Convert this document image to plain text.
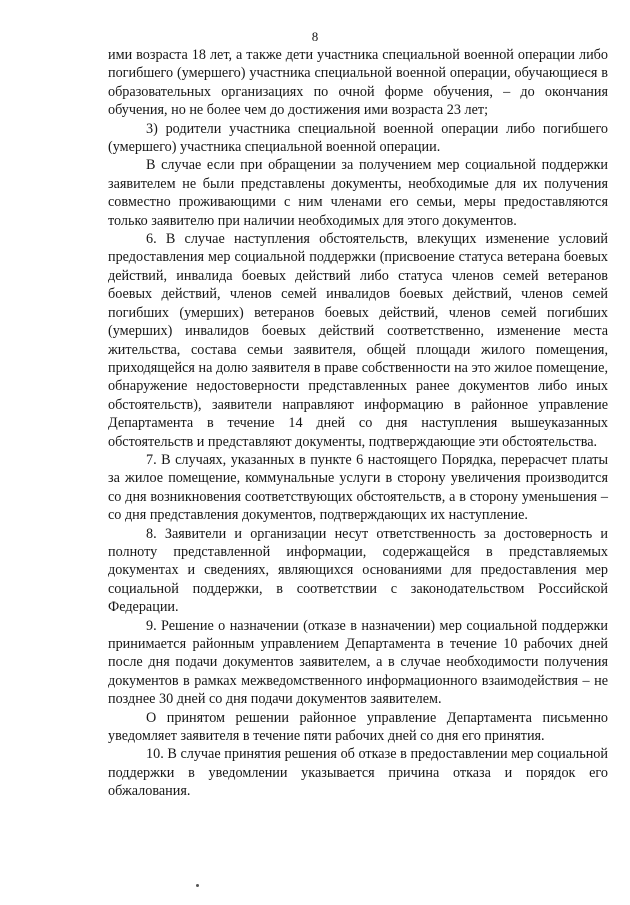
8

ими возраста 18 лет, а также дети участника специальной военной операции либо погибшего (умершего) участника специальной военной операции, обучающиеся в образовательных организациях по очной форме обучения, – до окончания обучения, но не более чем до достижения ими возраста 23 лет;

3) родители участника специальной военной операции либо погибшего (умершего) участника специальной военной операции.

В случае если при обращении за получением мер социальной поддержки заявителем не были представлены документы, необходимые для их получения совместно проживающими с ним членами его семьи, меры предоставляются только заявителю при наличии необходимых для этого документов.

6. В случае наступления обстоятельств, влекущих изменение условий предоставления мер социальной поддержки (присвоение статуса ветерана боевых действий, инвалида боевых действий либо статуса членов семей ветеранов боевых действий, членов семей инвалидов боевых действий, членов семей погибших (умерших) ветеранов боевых действий, членов семей погибших (умерших) инвалидов боевых действий соответственно, изменение места жительства, состава семьи заявителя, общей площади жилого помещения, приходящейся на долю заявителя в праве собственности на это жилое помещение, обнаружение недостоверности представленных ранее документов либо иных обстоятельств), заявители направляют информацию в районное управление Департамента в течение 14 дней со дня наступления вышеуказанных обстоятельств и представляют документы, подтверждающие эти обстоятельства.

7. В случаях, указанных в пункте 6 настоящего Порядка, перерасчет платы за жилое помещение, коммунальные услуги в сторону увеличения производится со дня возникновения соответствующих обстоятельств, а в сторону уменьшения – со дня представления документов, подтверждающих их наступление.

8. Заявители и организации несут ответственность за достоверность и полноту представленной информации, содержащейся в представляемых документах и сведениях, являющихся основаниями для предоставления мер социальной поддержки, в соответствии с законодательством Российской Федерации.

9. Решение о назначении (отказе в назначении) мер социальной поддержки принимается районным управлением Департамента в течение 10 рабочих дней после дня подачи документов заявителем, а в случае необходимости получения документов в рамках межведомственного информационного взаимодействия – не позднее 30 дней со дня подачи документов заявителем.

О принятом решении районное управление Департамента письменно уведомляет заявителя в течение пяти рабочих дней со дня его принятия.

10. В случае принятия решения об отказе в предоставлении мер социальной поддержки в уведомлении указывается причина отказа и порядок его обжалования.
